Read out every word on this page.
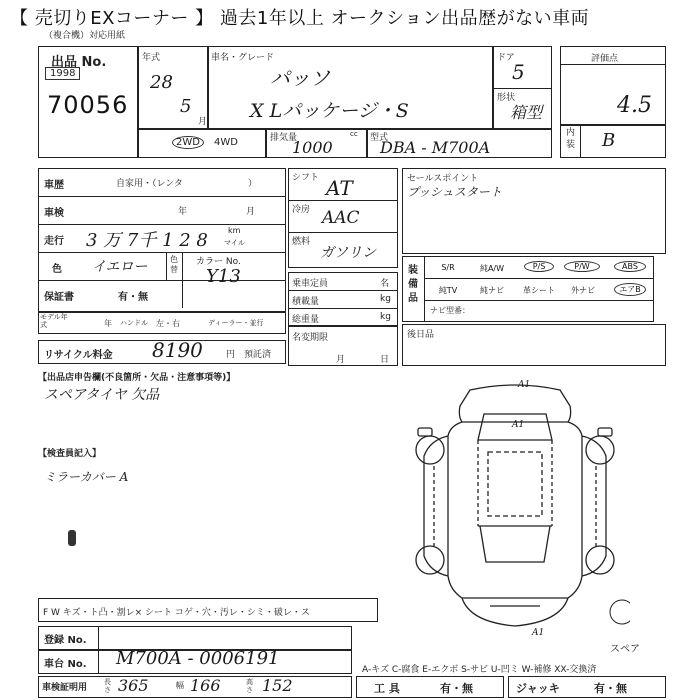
【 売切りEXコーナー 】 過去1年以上 オークション出品歴がない車両
（複合機）対応用紙
出品 No.
1998
70056
年式
28
5
月
車名・グレード
パッソ
X Lパッケージ・S
ドア
5
形状
箱型
2WD	4WD	排気量	cc
1000	型式
DBA - M700A
評価点
4.5
内装 B
車歴	自家用・（レンタ	）
車検	年	月
走行 3 万 7千 1 2 8	km
マイル
色 イエロー	色替
カラー No.
Y13
保証書	有・無
モデル年式	年 ハンドル 左・右	ディーラー・並行
リサイクル料金 8190	円 預託済
シフト AT
冷房 AAC
燃料
ガソリン
乗車定員	名
積載量	kg
総重量	kg
名変期限
月	日
セールスポイント
プッシュスタート
装備品
S/R	純A/W	P/S	P/W	ABS
純TV	純ナビ	革シート	外ナビ	エアB
ナビ型番：
後日品
【出品店申告欄(不良箇所・欠品・注意事項等)】
スペアタイヤ 欠品
【検査員記入】
ミラーカバー A
F W キズ・ト凸・割レ× シート コゲ・穴・汚レ・シミ・破レ・ス
登録 No.
車台 No. M700A - 0006191
車検証明用
長さ 365	幅 166	高さ 152
A-キズ C-腐食 E-エクボ S-サビ U-凹ミ W-補修 XX-交換済
工 具	有・無	ジャッキ	有・無
A1
A1
A1
スペア
